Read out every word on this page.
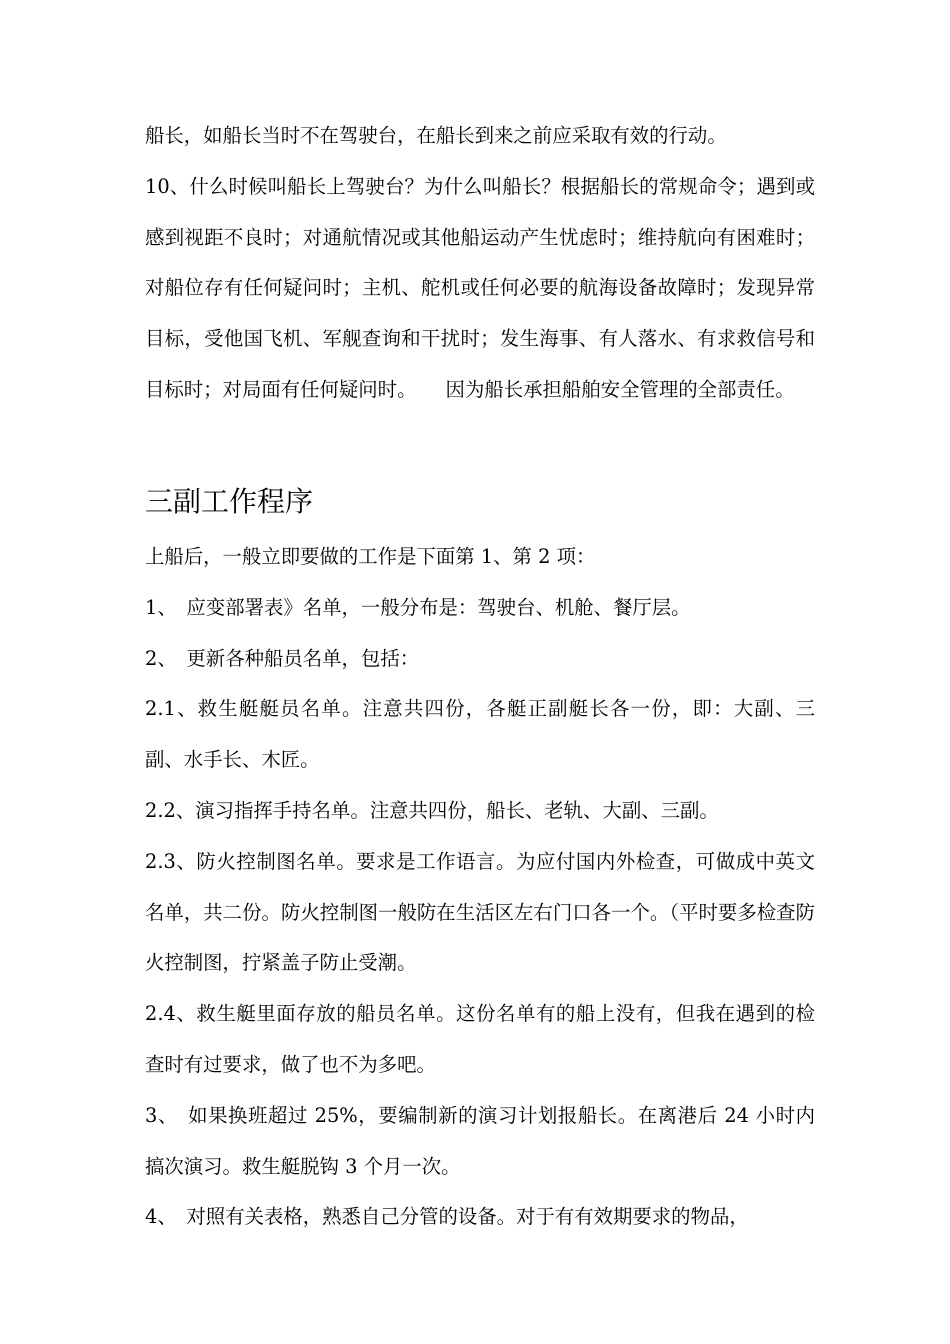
船长，如船长当时不在驾驶台，在船长到来之前应采取有效的行动。

10、什么时候叫船长上驾驶台？为什么叫船长？根据船长的常规命令；遇到或感到视距不良时；对通航情况或其他船运动产生忧虑时；维持航向有困难时；对船位存有任何疑问时；主机、舵机或任何必要的航海设备故障时；发现异常目标，受他国飞机、军舰查询和干扰时；发生海事、有人落水、有求救信号和目标时；对局面有任何疑问时。　　因为船长承担船舶安全管理的全部责任。

三副工作程序

上船后，一般立即要做的工作是下面第 1、第 2 项：

1、　应变部署表》名单，一般分布是：驾驶台、机舱、餐厅层。

2、　更新各种船员名单，包括：

2.1、救生艇艇员名单。注意共四份，各艇正副艇长各一份，即：大副、三副、水手长、木匠。

2.2、演习指挥手持名单。注意共四份，船长、老轨、大副、三副。

2.3、防火控制图名单。要求是工作语言。为应付国内外检查，可做成中英文名单，共二份。防火控制图一般防在生活区左右门口各一个。（平时要多检查防火控制图，拧紧盖子防止受潮。

2.4、救生艇里面存放的船员名单。这份名单有的船上没有，但我在遇到的检查时有过要求，做了也不为多吧。

3、　如果换班超过 25%，要编制新的演习计划报船长。在离港后 24 小时内搞次演习。救生艇脱钩 3 个月一次。

4、　对照有关表格，熟悉自己分管的设备。对于有有效期要求的物品，
